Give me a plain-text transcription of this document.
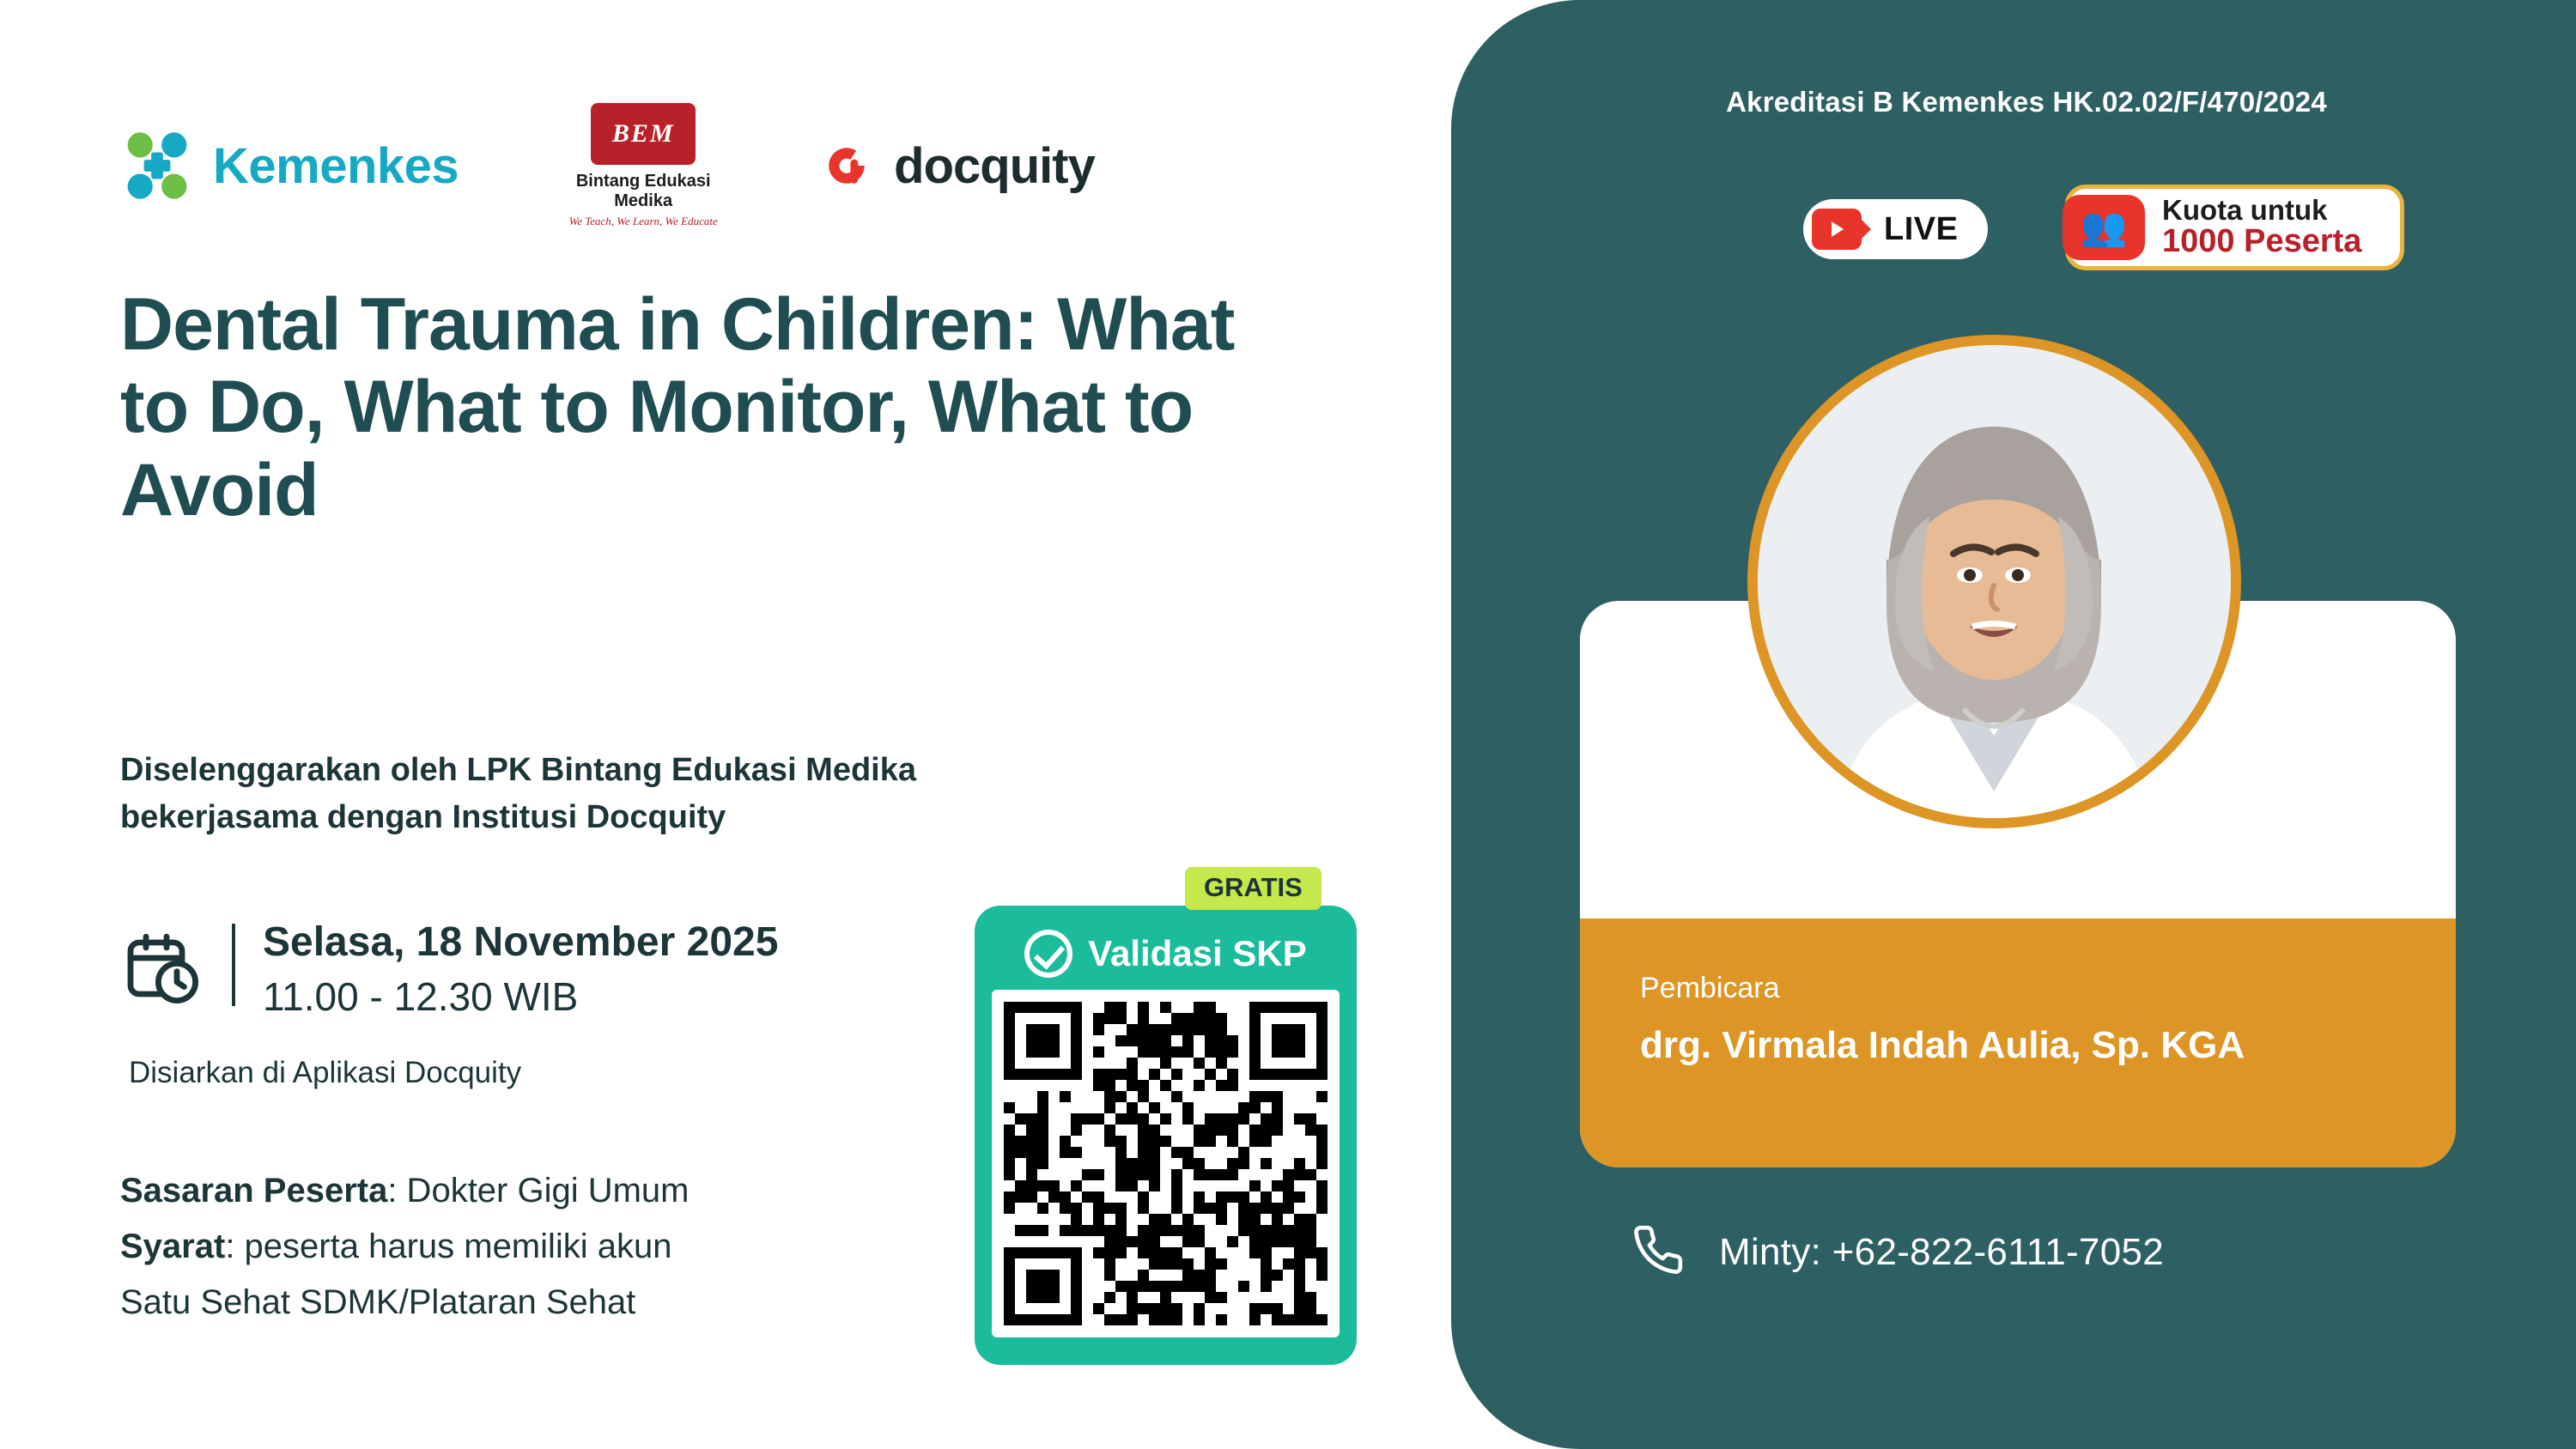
Akreditasi B Kemenkes HK.02.02/F/470/2024
LIVE	👥 Kuota untuk
1000 Peserta
Pembicara
drg. Virmala Indah Aulia, Sp. KGA
Minty: +62-822-6111-7052
Kemenkes
BEM
Bintang Edukasi Medika
We Teach, We Learn, We Educate
docquity
Dental Trauma in Children: What to Do, What to Monitor, What to Avoid
Diselenggarakan oleh LPK Bintang Edukasi Medika
bekerjasama dengan Institusi Docquity
Selasa, 18 November 2025
11.00 - 12.30 WIB
Disiarkan di Aplikasi Docquity
Sasaran Peserta: Dokter Gigi Umum
Syarat: peserta harus memiliki akun
Satu Sehat SDMK/Plataran Sehat
Validasi SKP
GRATIS
